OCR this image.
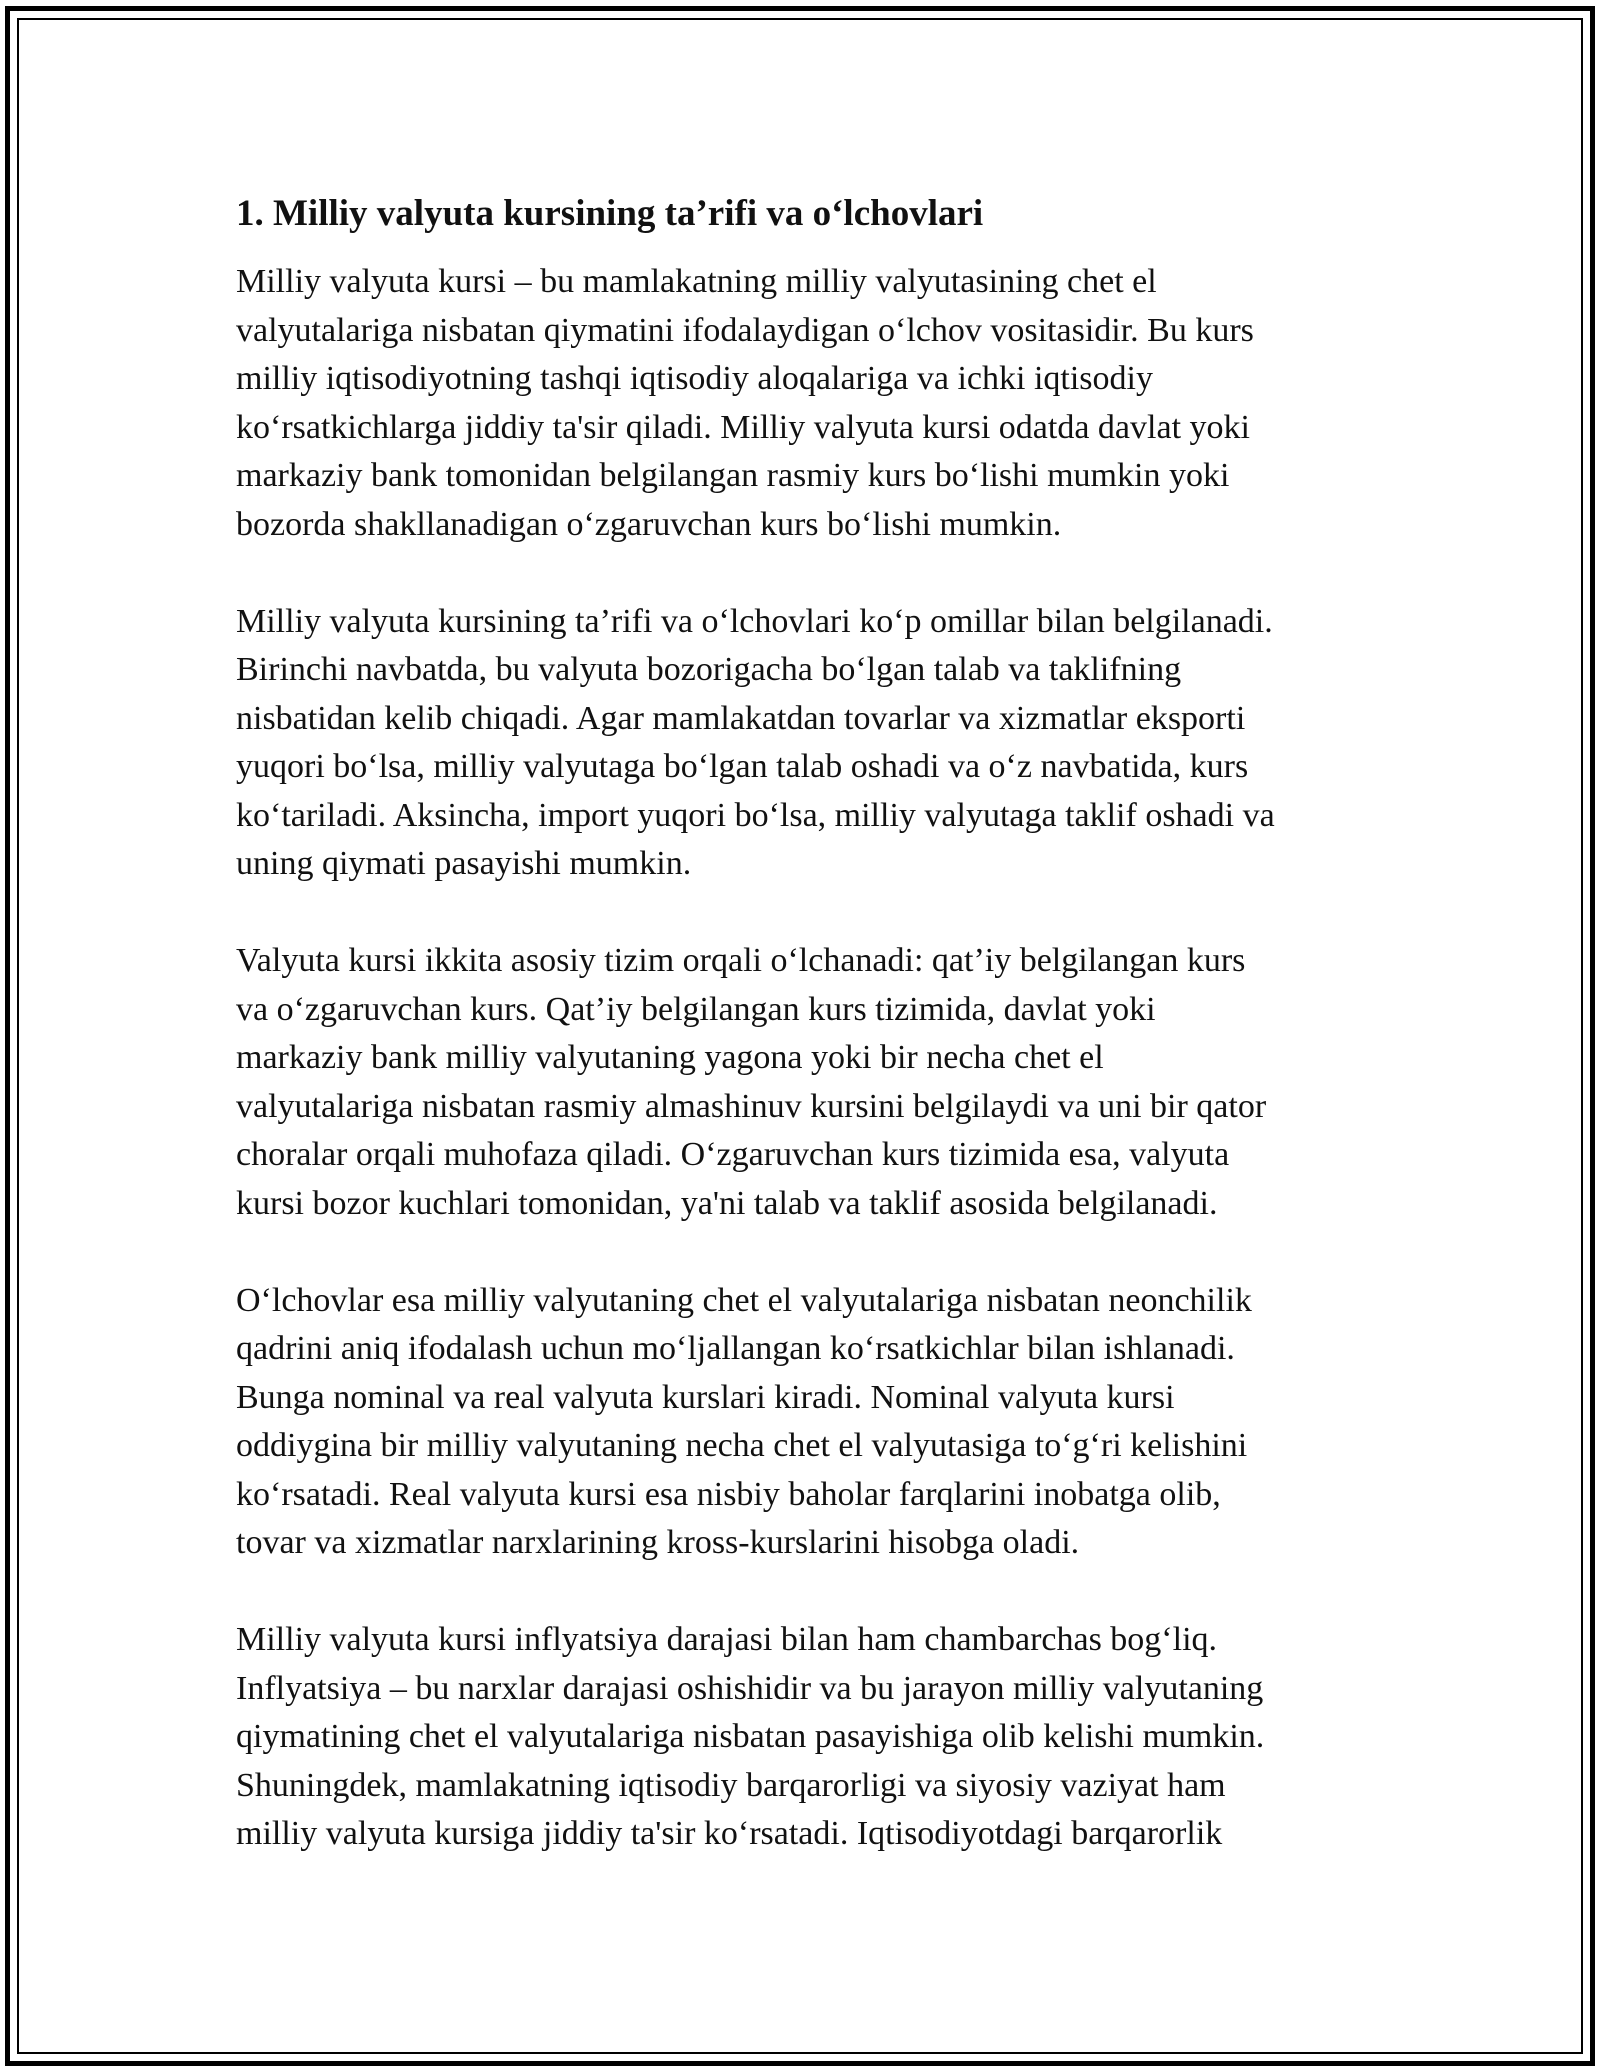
1. Milliy valyuta kursining ta’rifi va oʻlchovlari

Milliy valyuta kursi – bu mamlakatning milliy valyutasining chet el
valyutalariga nisbatan qiymatini ifodalaydigan oʻlchov vositasidir. Bu kurs
milliy iqtisodiyotning tashqi iqtisodiy aloqalariga va ichki iqtisodiy
koʻrsatkichlarga jiddiy ta'sir qiladi. Milliy valyuta kursi odatda davlat yoki
markaziy bank tomonidan belgilangan rasmiy kurs boʻlishi mumkin yoki
bozorda shakllanadigan oʻzgaruvchan kurs boʻlishi mumkin.

Milliy valyuta kursining ta’rifi va oʻlchovlari koʻp omillar bilan belgilanadi.
Birinchi navbatda, bu valyuta bozorigacha boʻlgan talab va taklifning
nisbatidan kelib chiqadi. Agar mamlakatdan tovarlar va xizmatlar eksporti
yuqori boʻlsa, milliy valyutaga boʻlgan talab oshadi va oʻz navbatida, kurs
koʻtariladi. Aksincha, import yuqori boʻlsa, milliy valyutaga taklif oshadi va
uning qiymati pasayishi mumkin.

Valyuta kursi ikkita asosiy tizim orqali oʻlchanadi: qat’iy belgilangan kurs
va oʻzgaruvchan kurs. Qat’iy belgilangan kurs tizimida, davlat yoki
markaziy bank milliy valyutaning yagona yoki bir necha chet el
valyutalariga nisbatan rasmiy almashinuv kursini belgilaydi va uni bir qator
choralar orqali muhofaza qiladi. Oʻzgaruvchan kurs tizimida esa, valyuta
kursi bozor kuchlari tomonidan, ya'ni talab va taklif asosida belgilanadi.

Oʻlchovlar esa milliy valyutaning chet el valyutalariga nisbatan neonchilik
qadrini aniq ifodalash uchun moʻljallangan koʻrsatkichlar bilan ishlanadi.
Bunga nominal va real valyuta kurslari kiradi. Nominal valyuta kursi
oddiygina bir milliy valyutaning necha chet el valyutasiga toʻgʻri kelishini
koʻrsatadi. Real valyuta kursi esa nisbiy baholar farqlarini inobatga olib,
tovar va xizmatlar narxlarining kross-kurslarini hisobga oladi.

Milliy valyuta kursi inflyatsiya darajasi bilan ham chambarchas bogʻliq.
Inflyatsiya – bu narxlar darajasi oshishidir va bu jarayon milliy valyutaning
qiymatining chet el valyutalariga nisbatan pasayishiga olib kelishi mumkin.
Shuningdek, mamlakatning iqtisodiy barqarorligi va siyosiy vaziyat ham
milliy valyuta kursiga jiddiy ta'sir koʻrsatadi. Iqtisodiyotdagi barqarorlik
